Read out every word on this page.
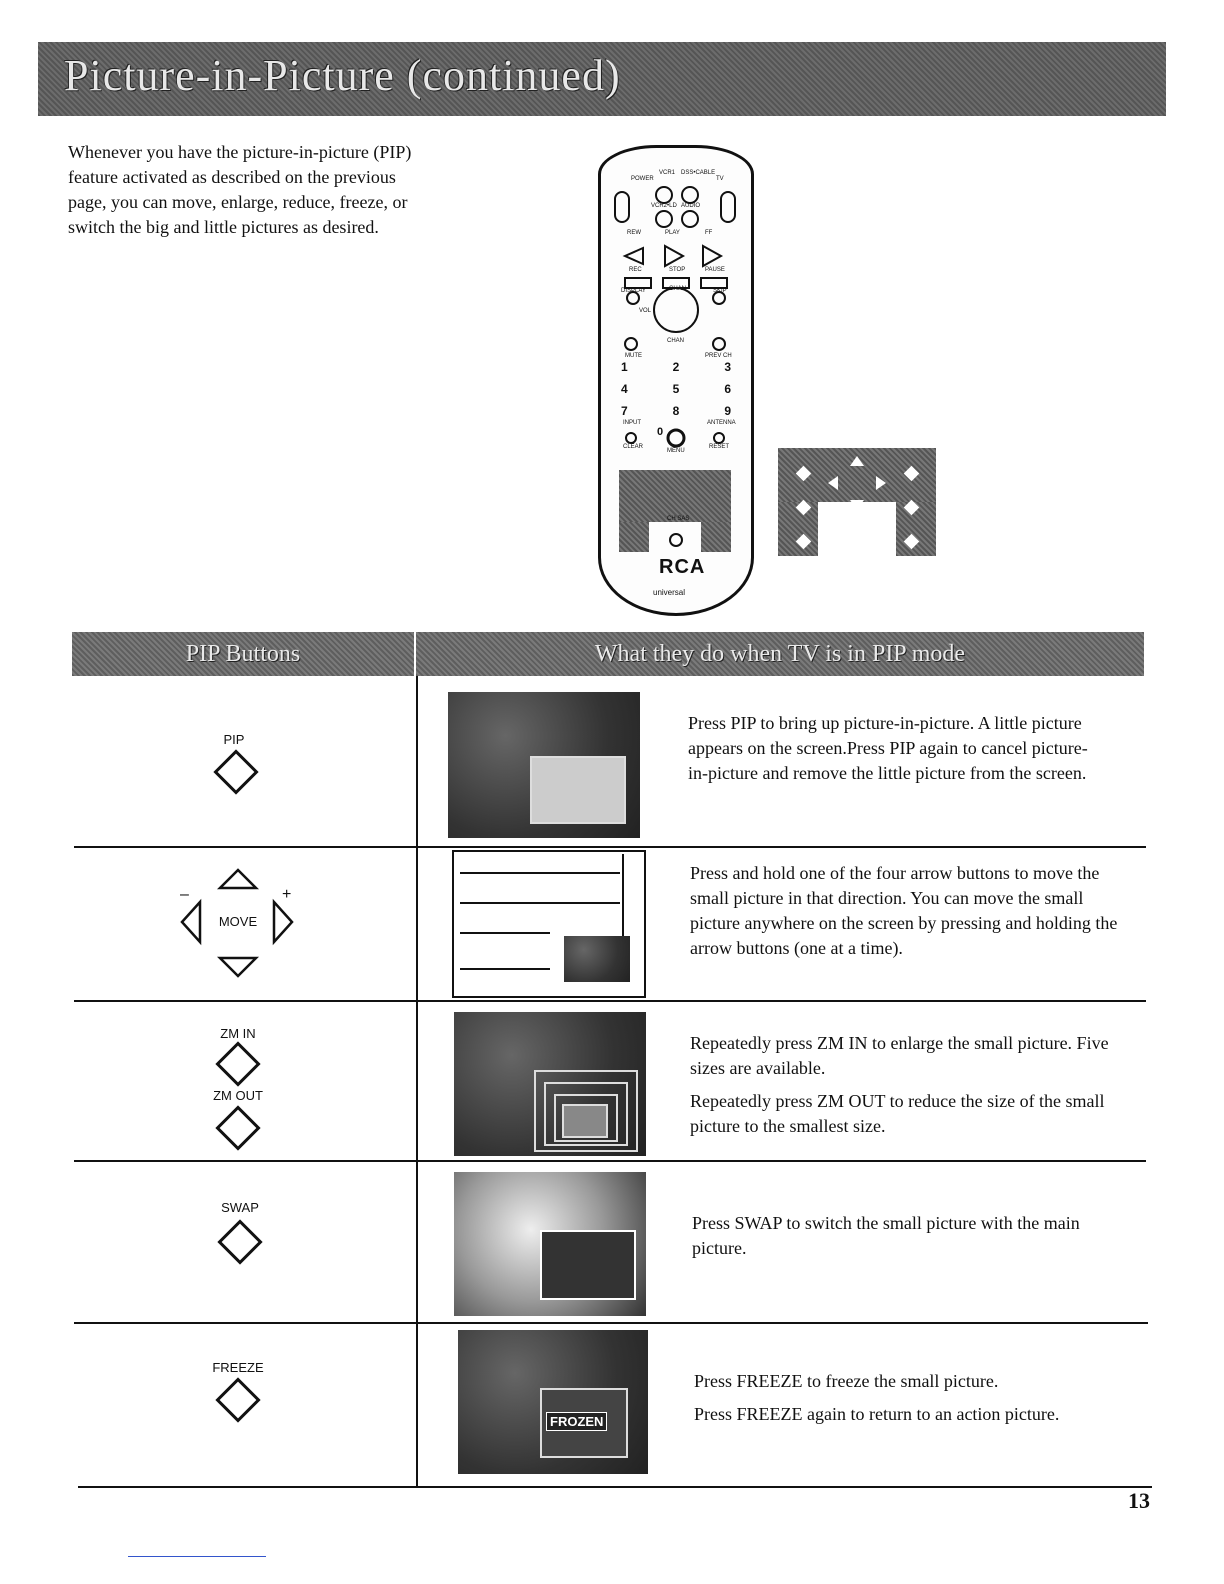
Picture-in-Picture (continued)
Whenever you have the picture-in-picture (PIP) feature activated as described on the previous page, you can move, enlarge, reduce, freeze, or switch the big and little pictures as desired.
POWER
VCR1 DSS•CABLE
TV
VCR2•LD AUDIO
REW	PLAY	FF
REC	STOP	PAUSE
DISPLAY	CHAN	SKIP
VOL
MUTE
CHAN
PREV CH
1	2	3
4	5	6
7	8	9
INPUT
0
ANTENNA
CLEAR
MENU
RESET
CH SAS
RCA
universal
PIP Buttons	What they do when TV is in PIP mode
PIP

Press PIP to bring up picture-in-picture. A little picture appears on the screen.Press PIP again to cancel picture-in-picture and remove the little picture from the screen.

–	+
MOVE

Press and hold one of the four arrow buttons to move the small picture in that direction. You can move the small picture anywhere on the screen by pressing and holding the arrow buttons (one at a time).

ZM IN
ZM OUT

Repeatedly press ZM IN to enlarge the small picture. Five sizes are available.

Repeatedly press ZM OUT to reduce the size of the small picture to the smallest size.

SWAP

Press SWAP to switch the small picture with the main picture.

FREEZE
FROZEN

Press FREEZE to freeze the small picture.

Press FREEZE again to return to an action picture.

13
